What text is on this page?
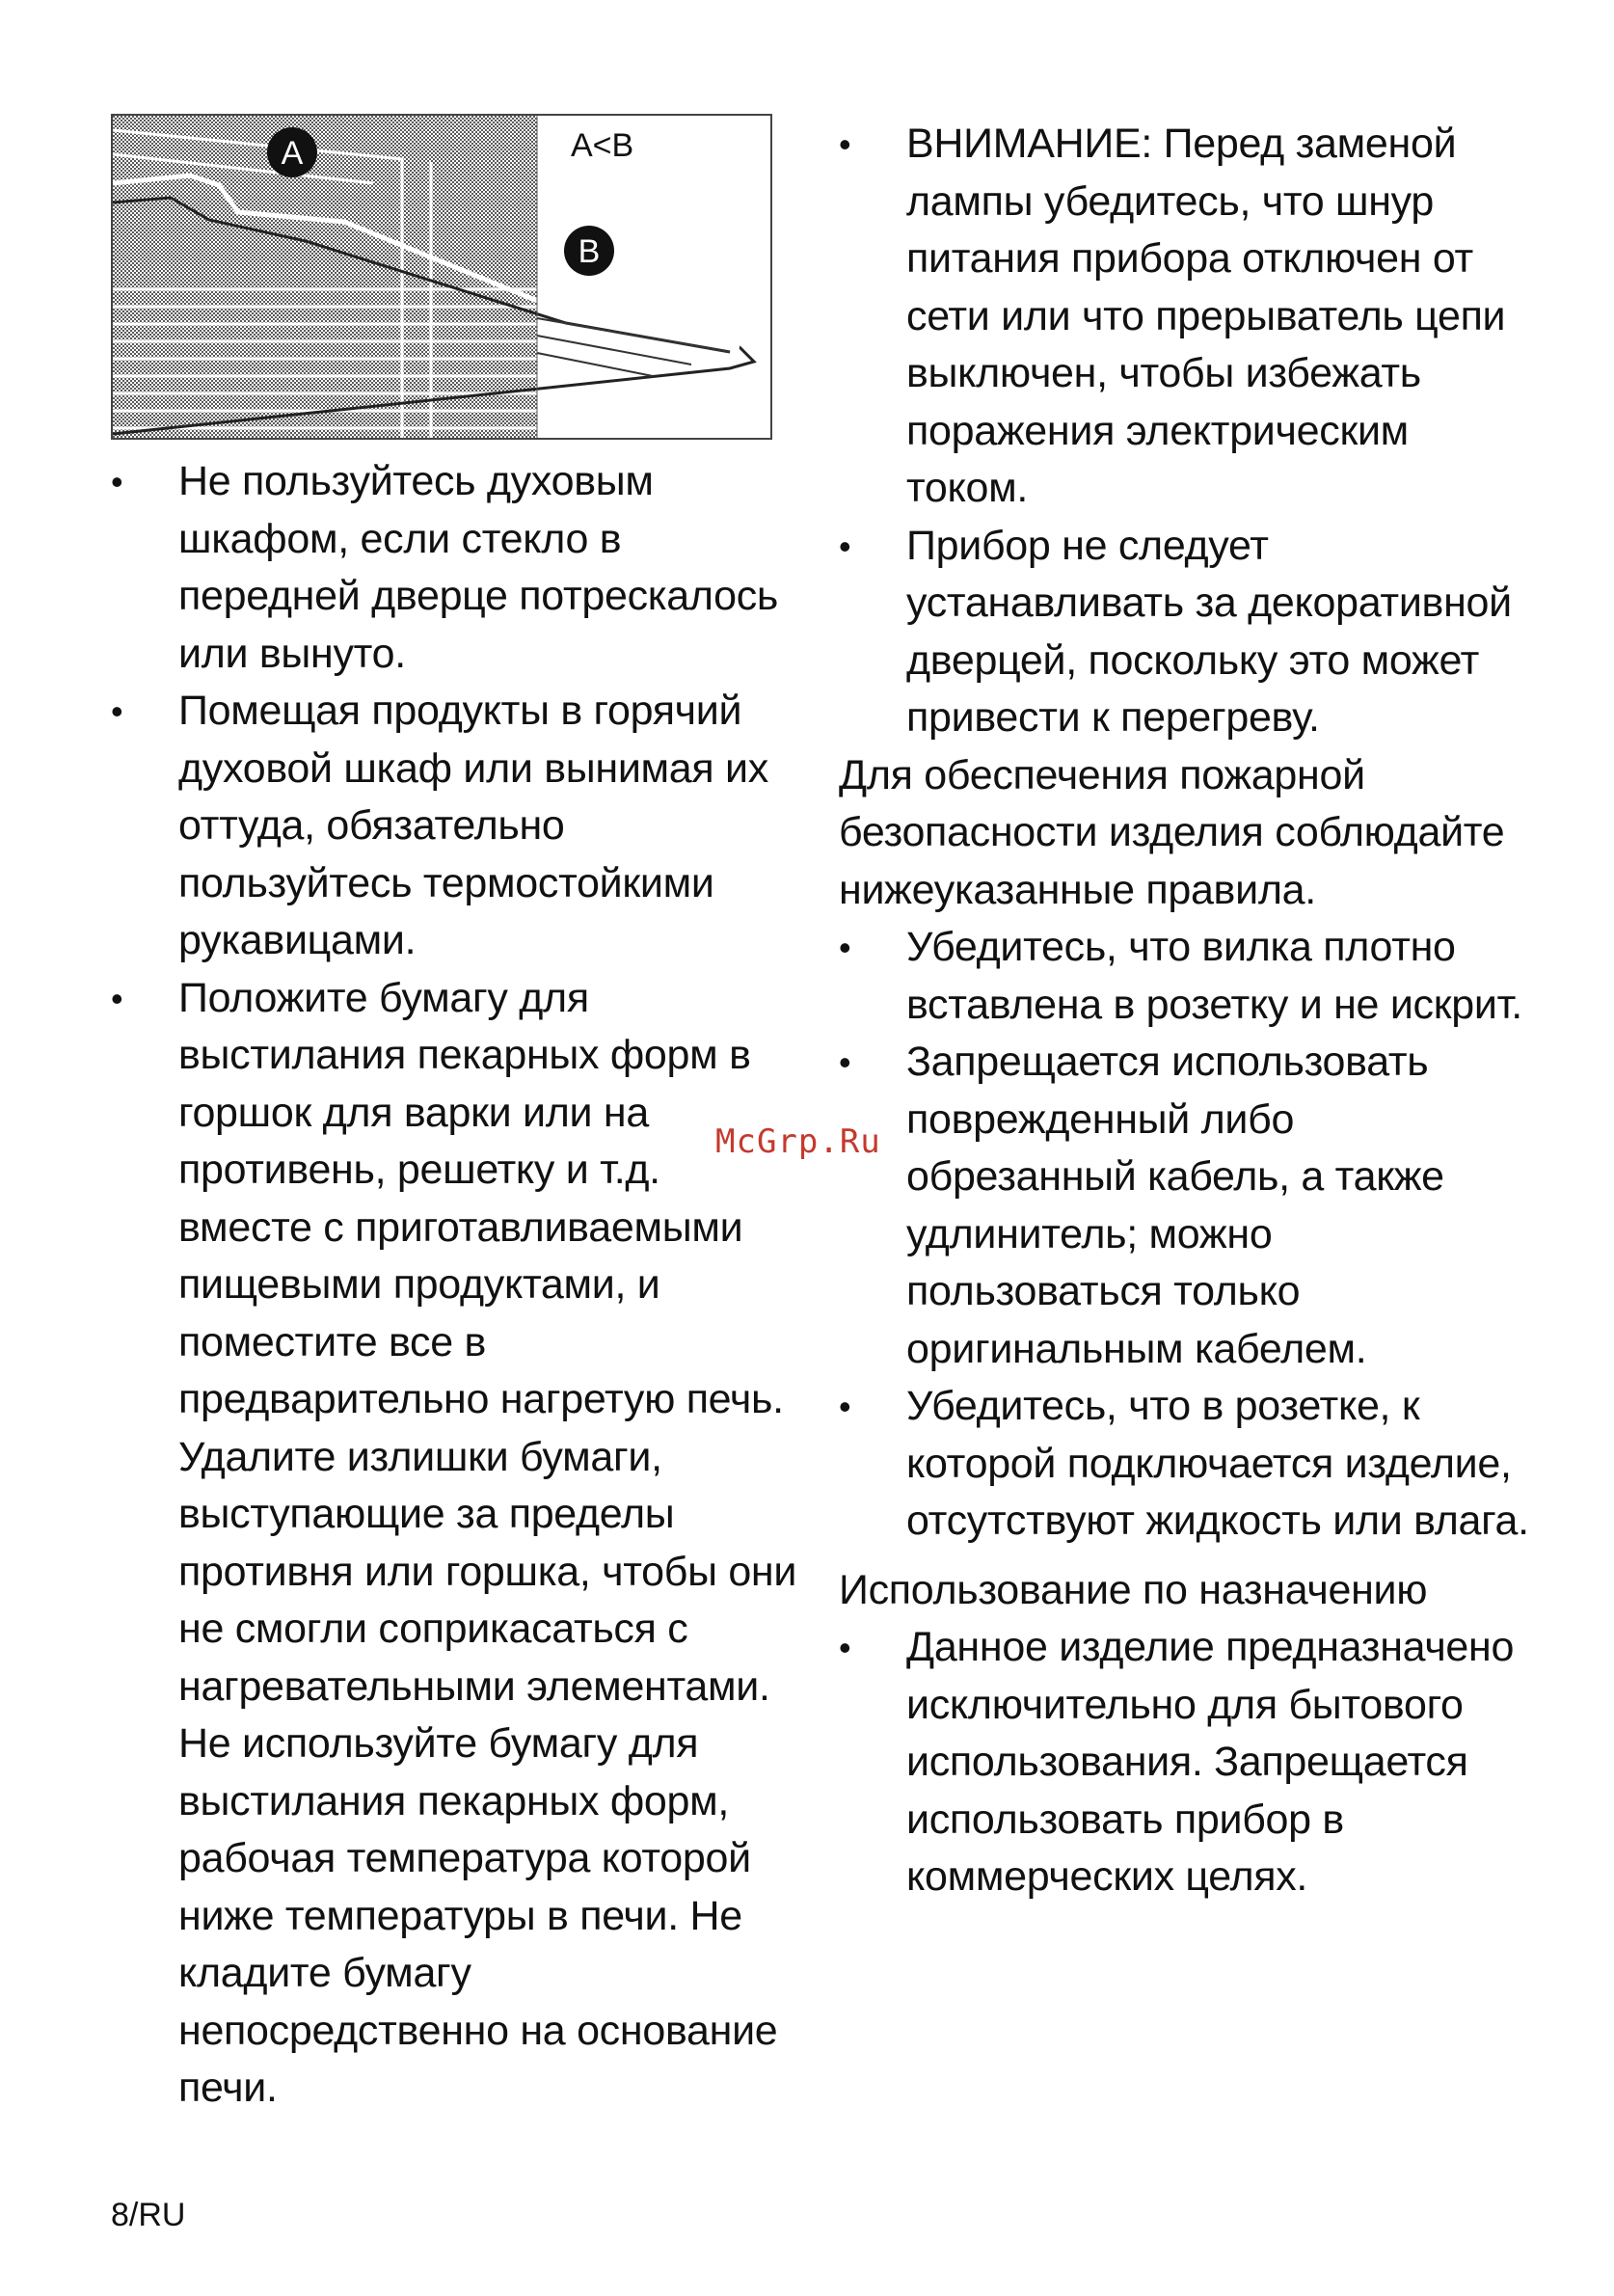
A
B
A<B
• Не пользуйтесь духовым шкафом, если стекло в передней дверце потрескалось или вынуто.
• Помещая продукты в горячий духовой шкаф или вынимая их оттуда, обязательно пользуйтесь термостойкими рукавицами.
• Положите бумагу для выстилания пекарных форм в горшок для варки или на противень, решетку и т.д. вместе с приготавливаемыми пищевыми продуктами, и поместите все в предварительно нагретую печь. Удалите излишки бумаги, выступающие за пределы противня или горшка, чтобы они не смогли соприкасаться с нагревательными элементами. Не используйте бумагу для выстилания пекарных форм, рабочая температура которой ниже температуры в печи. Не кладите бумагу непосредственно на основание печи.
• ВНИМАНИЕ: Перед заменой лампы убедитесь, что шнур питания прибора отключен от сети или что прерыватель цепи выключен, чтобы избежать поражения электрическим током.
• Прибор не следует устанавливать за декоративной дверцей, поскольку это может привести к перегреву.

Для обеспечения пожарной безопасности изделия соблюдайте нижеуказанные правила.

• Убедитесь, что вилка плотно вставлена в розетку и не искрит.
• Запрещается использовать поврежденный либо обрезанный кабель, а также удлинитель; можно пользоваться только оригинальным кабелем.
• Убедитесь, что в розетке, к которой подключается изделие, отсутствуют жидкость или влага.

Использование по назначению

• Данное изделие предназначено исключительно для бытового использования. Запрещается использовать прибор в коммерческих целях.
McGrp.Ru
8/RU
